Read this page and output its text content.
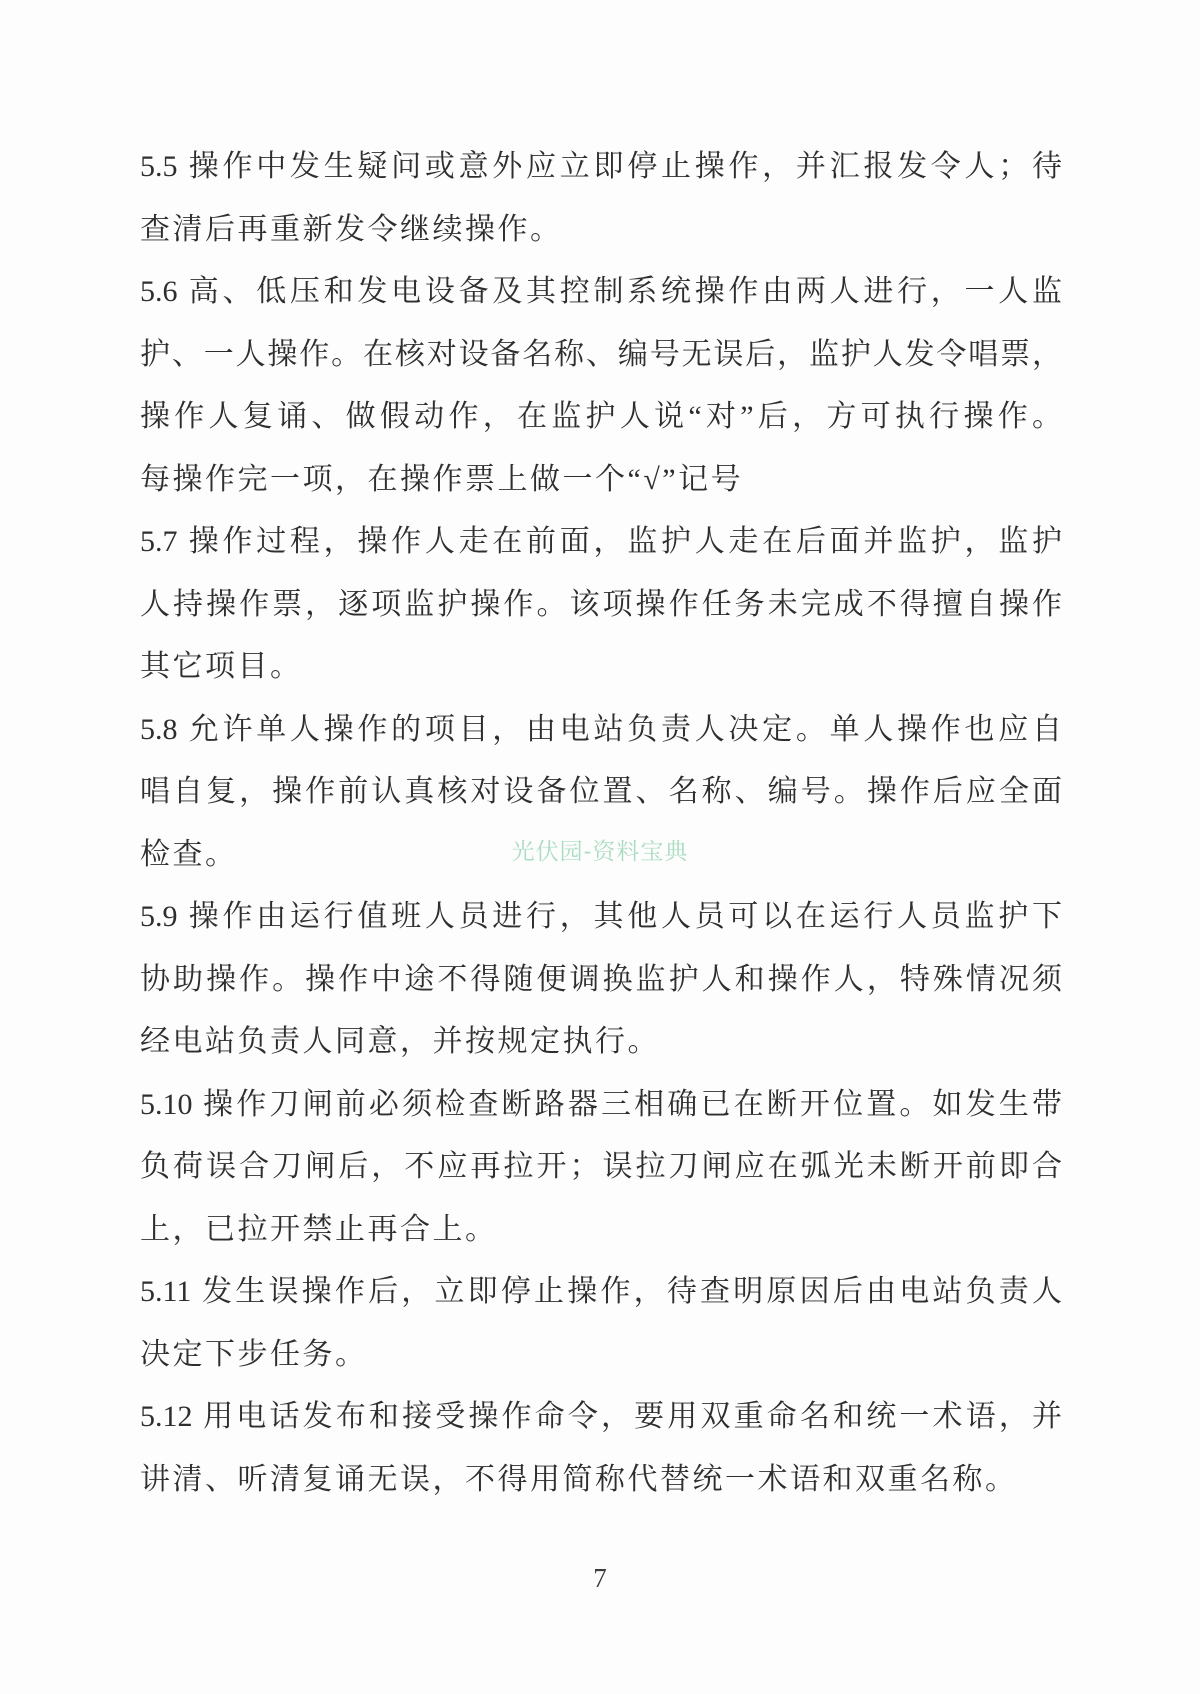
5.5 操作中发生疑问或意外应立即停止操作，并汇报发令人；待
查清后再重新发令继续操作。
5.6 高、低压和发电设备及其控制系统操作由两人进行，一人监
护、一人操作。在核对设备名称、编号无误后，监护人发令唱票，
操作人复诵、做假动作，在监护人说“对”后，方可执行操作。
每操作完一项，在操作票上做一个“√”记号
5.7 操作过程，操作人走在前面，监护人走在后面并监护，监护
人持操作票，逐项监护操作。该项操作任务未完成不得擅自操作
其它项目。
5.8 允许单人操作的项目，由电站负责人决定。单人操作也应自
唱自复，操作前认真核对设备位置、名称、编号。操作后应全面
检查。
5.9 操作由运行值班人员进行，其他人员可以在运行人员监护下
协助操作。操作中途不得随便调换监护人和操作人，特殊情况须
经电站负责人同意，并按规定执行。
5.10 操作刀闸前必须检查断路器三相确已在断开位置。如发生带
负荷误合刀闸后，不应再拉开；误拉刀闸应在弧光未断开前即合
上，已拉开禁止再合上。
5.11 发生误操作后，立即停止操作，待查明原因后由电站负责人
决定下步任务。
5.12 用电话发布和接受操作命令，要用双重命名和统一术语，并
讲清、听清复诵无误，不得用简称代替统一术语和双重名称。
光伏园-资料宝典
7
